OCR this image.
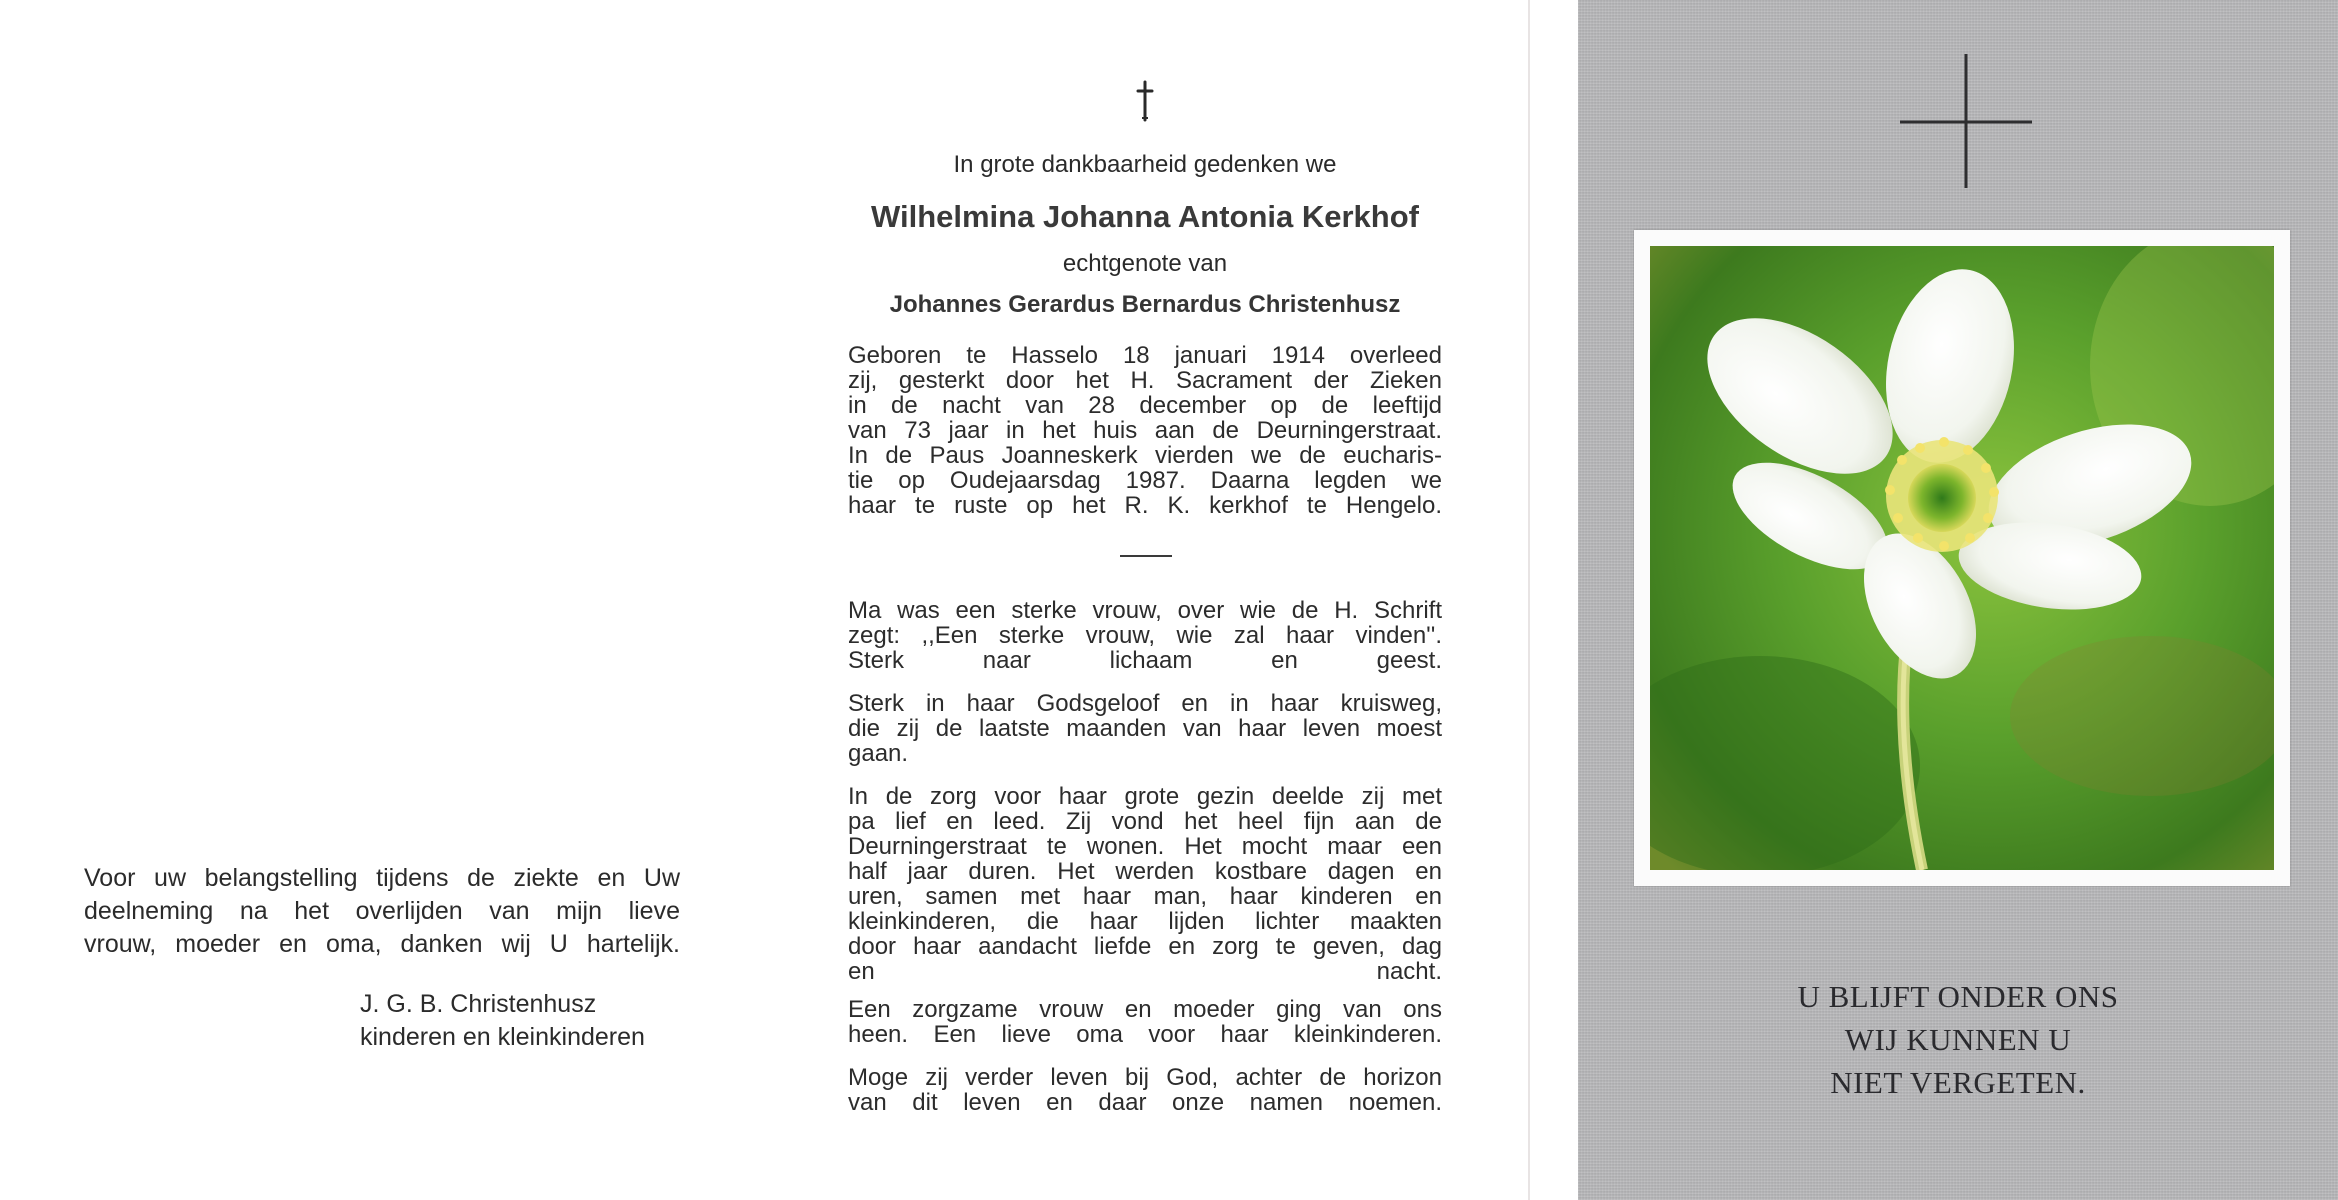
Voor uw belangstelling tijdens de ziekte en Uw
deelneming na het overlijden van mijn lieve
vrouw, moeder en oma, danken wij U hartelijk.
J. G. B. Christenhusz
kinderen en kleinkinderen
In grote dankbaarheid gedenken we
Wilhelmina Johanna Antonia Kerkhof
echtgenote van
Johannes Gerardus Bernardus Christenhusz
Geboren te Hasselo 18 januari 1914 overleed
zij, gesterkt door het H. Sacrament der Zieken
in de nacht van 28 december op de leeftijd
van 73 jaar in het huis aan de Deurningerstraat.
In de Paus Joanneskerk vierden we de eucharis-
tie op Oudejaarsdag 1987. Daarna legden we
haar te ruste op het R. K. kerkhof te Hengelo.
Ma was een sterke vrouw, over wie de H. Schrift
zegt: ,,Een sterke vrouw, wie zal haar vinden''.
Sterk naar lichaam en geest.
Sterk in haar Godsgeloof en in haar kruisweg,
die zij de laatste maanden van haar leven moest
gaan.
In de zorg voor haar grote gezin deelde zij met
pa lief en leed. Zij vond het heel fijn aan de
Deurningerstraat te wonen. Het mocht maar een
half jaar duren. Het werden kostbare dagen en
uren, samen met haar man, haar kinderen en
kleinkinderen, die haar lijden lichter maakten
door haar aandacht liefde en zorg te geven, dag
en nacht.
Een zorgzame vrouw en moeder ging van ons
heen. Een lieve oma voor haar kleinkinderen.
Moge zij verder leven bij God, achter de horizon
van dit leven en daar onze namen noemen.
U BLIJFT ONDER ONS
WIJ KUNNEN U
NIET VERGETEN.
